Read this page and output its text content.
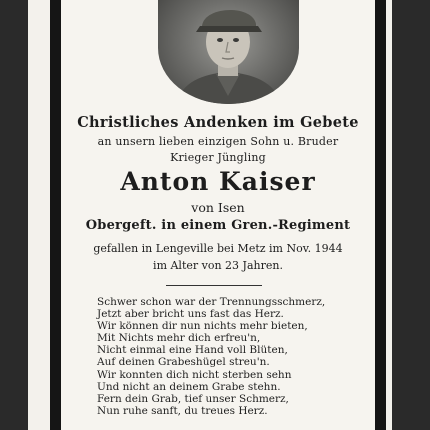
Christliches Andenken im Gebete
an unsern lieben einzigen Sohn u. Bruder
Krieger Jüngling
Anton Kaiser
von Isen
Obergeft. in einem Gren.-Regiment
gefallen in Lengeville bei Metz im Nov. 1944
im Alter von 23 Jahren.
Schwer schon war der Trennungsschmerz,
Jetzt aber bricht uns fast das Herz.
Wir können dir nun nichts mehr bieten,
Mit Nichts mehr dich erfreu'n,
Nicht einmal eine Hand voll Blüten,
Auf deinen Grabeshügel streu'n.
Wir konnten dich nicht sterben sehn
Und nicht an deinem Grabe stehn.
Fern dein Grab, tief unser Schmerz,
Nun ruhe sanft, du treues Herz.
